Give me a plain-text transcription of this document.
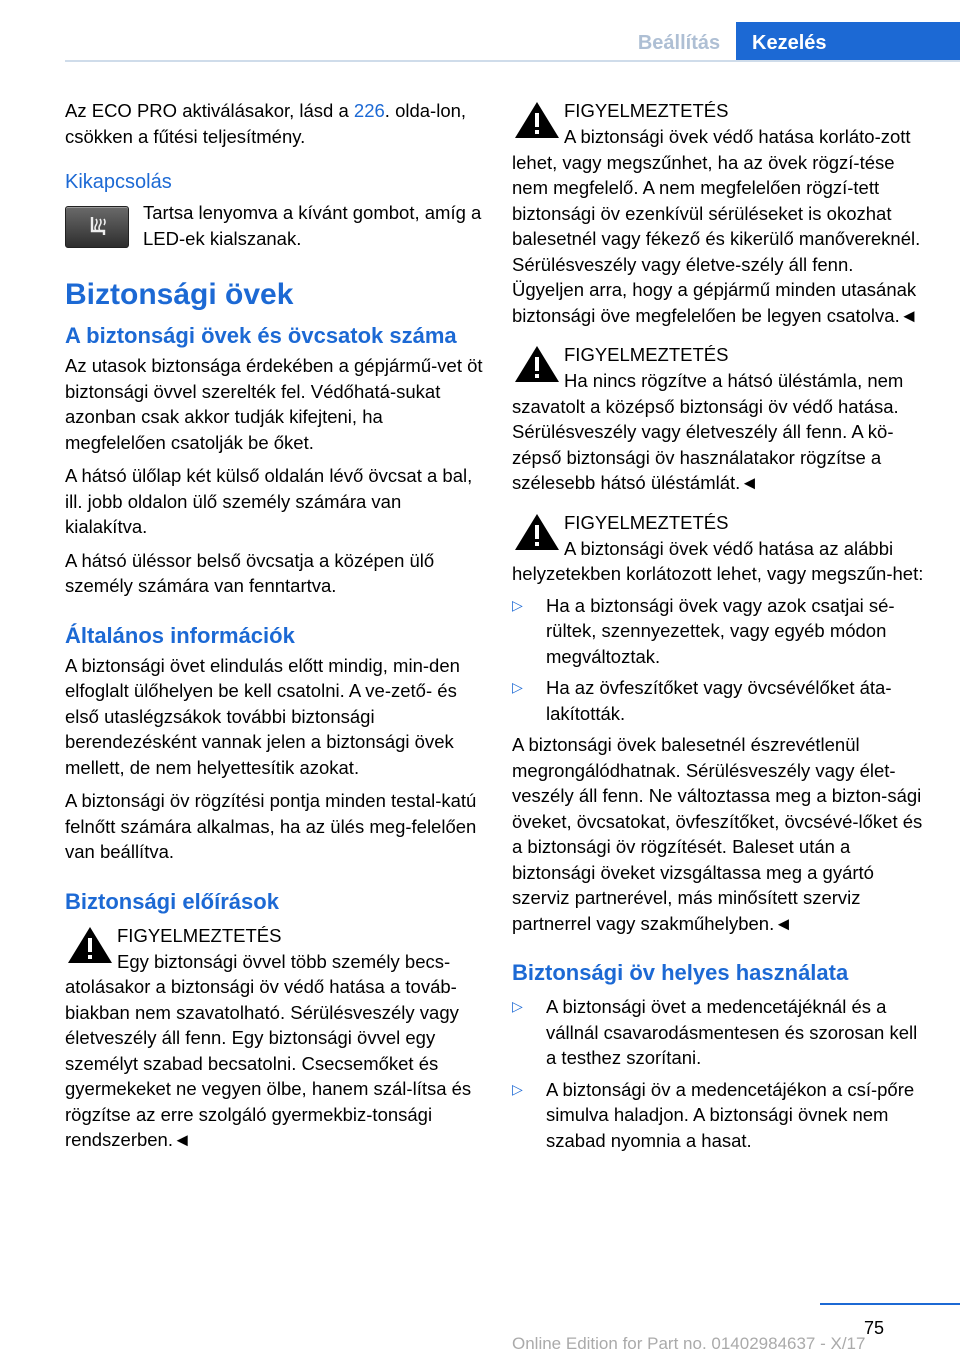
Beállítás	Kezelés

Az ECO PRO aktiválásakor, lásd a 226. olda-lon, csökken a fűtési teljesítmény.

Kikapcsolás

Tartsa lenyomva a kívánt gombot, amíg a LED-ek kialszanak.

Biztonsági övek
A biztonsági övek és övcsatok száma

Az utasok biztonsága érdekében a gépjármű-vet öt biztonsági övvel szerelték fel. Védőhatá-sukat azonban csak akkor tudják kifejteni, ha megfelelően csatolják be őket.

A hátsó ülőlap két külső oldalán lévő övcsat a bal, ill. jobb oldalon ülő személy számára van kialakítva.

A hátsó üléssor belső övcsatja a középen ülő személy számára van fenntartva.

Általános információk

A biztonsági övet elindulás előtt mindig, min-den elfoglalt ülőhelyen be kell csatolni. A ve-zető- és első utaslégzsákok további biztonsági berendezésként vannak jelen a biztonsági övek mellett, de nem helyettesítik azokat.

A biztonsági öv rögzítési pontja minden testal-katú felnőtt számára alkalmas, ha az ülés meg-felelően van beállítva.

Biztonsági előírások

FIGYELMEZTETÉS

Egy biztonsági övvel több személy becs-atolásakor a biztonsági öv védő hatása a továb-biakban nem szavatolható. Sérülésveszély vagy életveszély áll fenn. Egy biztonsági övvel egy személyt szabad becsatolni. Csecsemőket és gyermekeket ne vegyen ölbe, hanem szál-lítsa és rögzítse az erre szolgáló gyermekbiz-tonsági rendszerben.◄

FIGYELMEZTETÉS

A biztonsági övek védő hatása korláto-zott lehet, vagy megszűnhet, ha az övek rögzí-tése nem megfelelő. A nem megfelelően rögzí-tett biztonsági öv ezenkívül sérüléseket is okozhat balesetnél vagy fékező és kikerülő manővereknél. Sérülésveszély vagy életve-szély áll fenn. Ügyeljen arra, hogy a gépjármű minden utasának biztonsági öve megfelelően be legyen csatolva.◄

FIGYELMEZTETÉS

Ha nincs rögzítve a hátsó üléstámla, nem szavatolt a középső biztonsági öv védő hatása. Sérülésveszély vagy életveszély áll fenn. A kö-zépső biztonsági öv használatakor rögzítse a szélesebb hátsó üléstámlát.◄

FIGYELMEZTETÉS

A biztonsági övek védő hatása az alábbi helyzetekben korlátozott lehet, vagy megszűn-het:

▷	Ha a biztonsági övek vagy azok csatjai sé-rültek, szennyezettek, vagy egyéb módon megváltoztak.
▷	Ha az övfeszítőket vagy övcsévélőket áta-lakították.

A biztonsági övek balesetnél észrevétlenül megrongálódhatnak. Sérülésveszély vagy élet-veszély áll fenn. Ne változtassa meg a bizton-sági öveket, övcsatokat, övfeszítőket, övcsévé-lőket és a biztonsági öv rögzítését. Baleset után a biztonsági öveket vizsgáltassa meg a gyártó szerviz partnerével, más minősített szerviz partnerrel vagy szakműhelyben.◄

Biztonsági öv helyes használata
▷	A biztonsági övet a medencetájéknál és a vállnál csavarodásmentesen és szorosan kell a testhez szorítani.
▷	A biztonsági öv a medencetájékon a csí-pőre simulva haladjon. A biztonsági övnek nem szabad nyomnia a hasat.
75
Online Edition for Part no. 01402984637 - X/17
